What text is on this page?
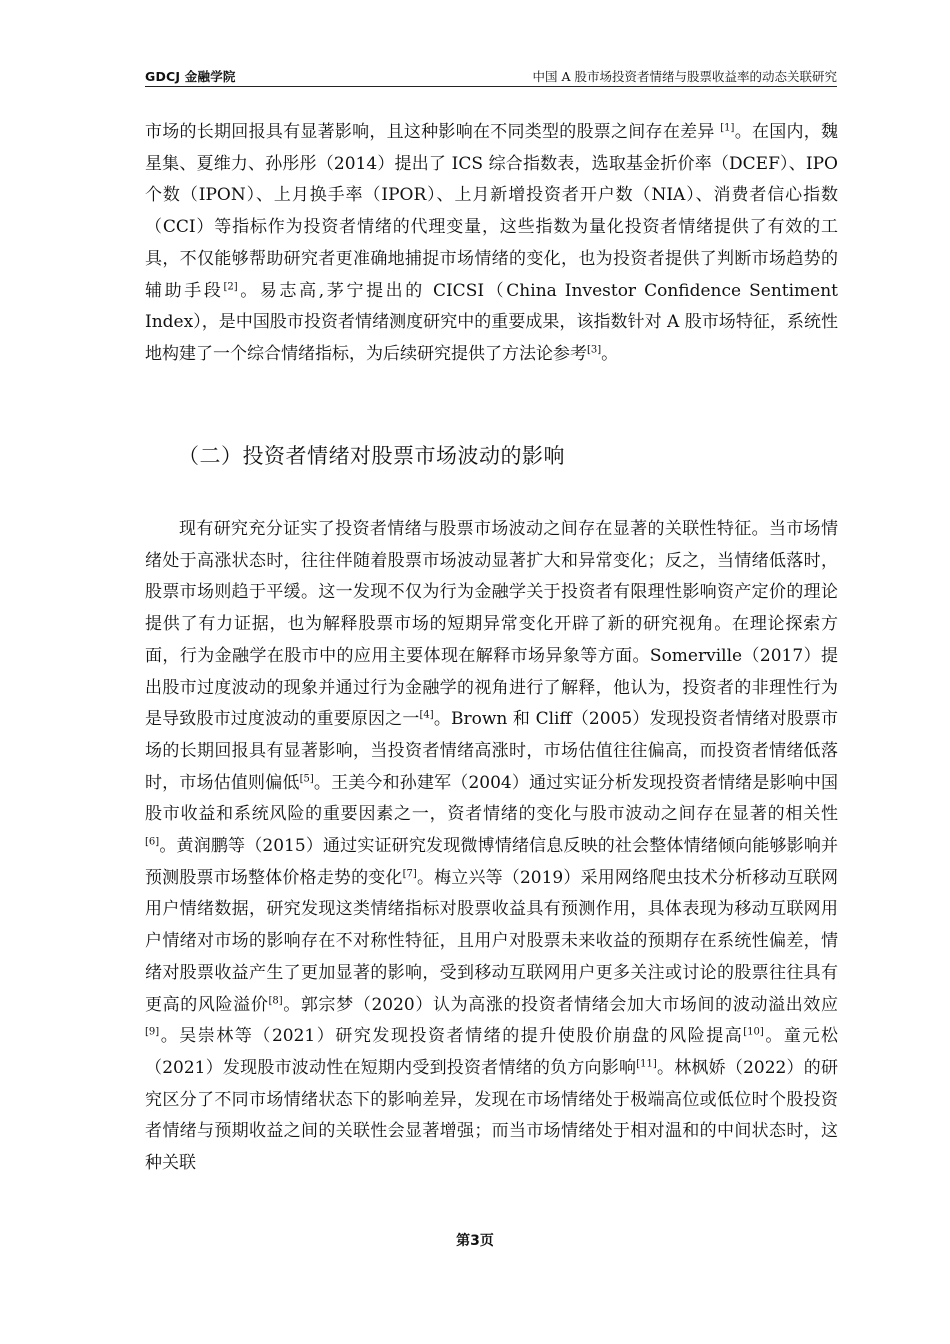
GDCJ 金融学院	中国 A 股市场投资者情绪与股票收益率的动态关联研究

市场的长期回报具有显著影响，且这种影响在不同类型的股票之间存在差异 [1]。在国内，魏星集、夏维力、孙彤彤（2014）提出了 ICS 综合指数表，选取基金折价率（DCEF）、IPO 个数（IPON）、上月换手率（IPOR）、上月新增投资者开户数（NIA）、消费者信心指数（CCI）等指标作为投资者情绪的代理变量，这些指数为量化投资者情绪提供了有效的工具，不仅能够帮助研究者更准确地捕捉市场情绪的变化，也为投资者提供了判断市场趋势的辅助手段[2]。易志高,茅宁提出的 CICSI（China Investor Confidence Sentiment Index），是中国股市投资者情绪测度研究中的重要成果，该指数针对 A 股市场特征，系统性地构建了一个综合情绪指标，为后续研究提供了方法论参考[3]。

（二）投资者情绪对股票市场波动的影响

现有研究充分证实了投资者情绪与股票市场波动之间存在显著的关联性特征。当市场情绪处于高涨状态时，往往伴随着股票市场波动显著扩大和异常变化；反之，当情绪低落时，股票市场则趋于平缓。这一发现不仅为行为金融学关于投资者有限理性影响资产定价的理论提供了有力证据，也为解释股票市场的短期异常变化开辟了新的研究视角。在理论探索方面，行为金融学在股市中的应用主要体现在解释市场异象等方面。Somerville（2017）提出股市过度波动的现象并通过行为金融学的视角进行了解释，他认为，投资者的非理性行为是导致股市过度波动的重要原因之一[4]。Brown 和 Cliff（2005）发现投资者情绪对股票市场的长期回报具有显著影响，当投资者情绪高涨时，市场估值往往偏高，而投资者情绪低落时，市场估值则偏低[5]。王美今和孙建军（2004）通过实证分析发现投资者情绪是影响中国股市收益和系统风险的重要因素之一，资者情绪的变化与股市波动之间存在显著的相关性[6]。黄润鹏等（2015）通过实证研究发现微博情绪信息反映的社会整体情绪倾向能够影响并预测股票市场整体价格走势的变化[7]。梅立兴等（2019）采用网络爬虫技术分析移动互联网用户情绪数据，研究发现这类情绪指标对股票收益具有预测作用，具体表现为移动互联网用户情绪对市场的影响存在不对称性特征，且用户对股票未来收益的预期存在系统性偏差，情绪对股票收益产生了更加显著的影响，受到移动互联网用户更多关注或讨论的股票往往具有更高的风险溢价[8]。郭宗梦（2020）认为高涨的投资者情绪会加大市场间的波动溢出效应[9]。吴崇林等（2021）研究发现投资者情绪的提升使股价崩盘的风险提高[10]。童元松（2021）发现股市波动性在短期内受到投资者情绪的负方向影响[11]。林枫娇（2022）的研究区分了不同市场情绪状态下的影响差异，发现在市场情绪处于极端高位或低位时个股投资者情绪与预期收益之间的关联性会显著增强；而当市场情绪处于相对温和的中间状态时，这种关联

第3页
